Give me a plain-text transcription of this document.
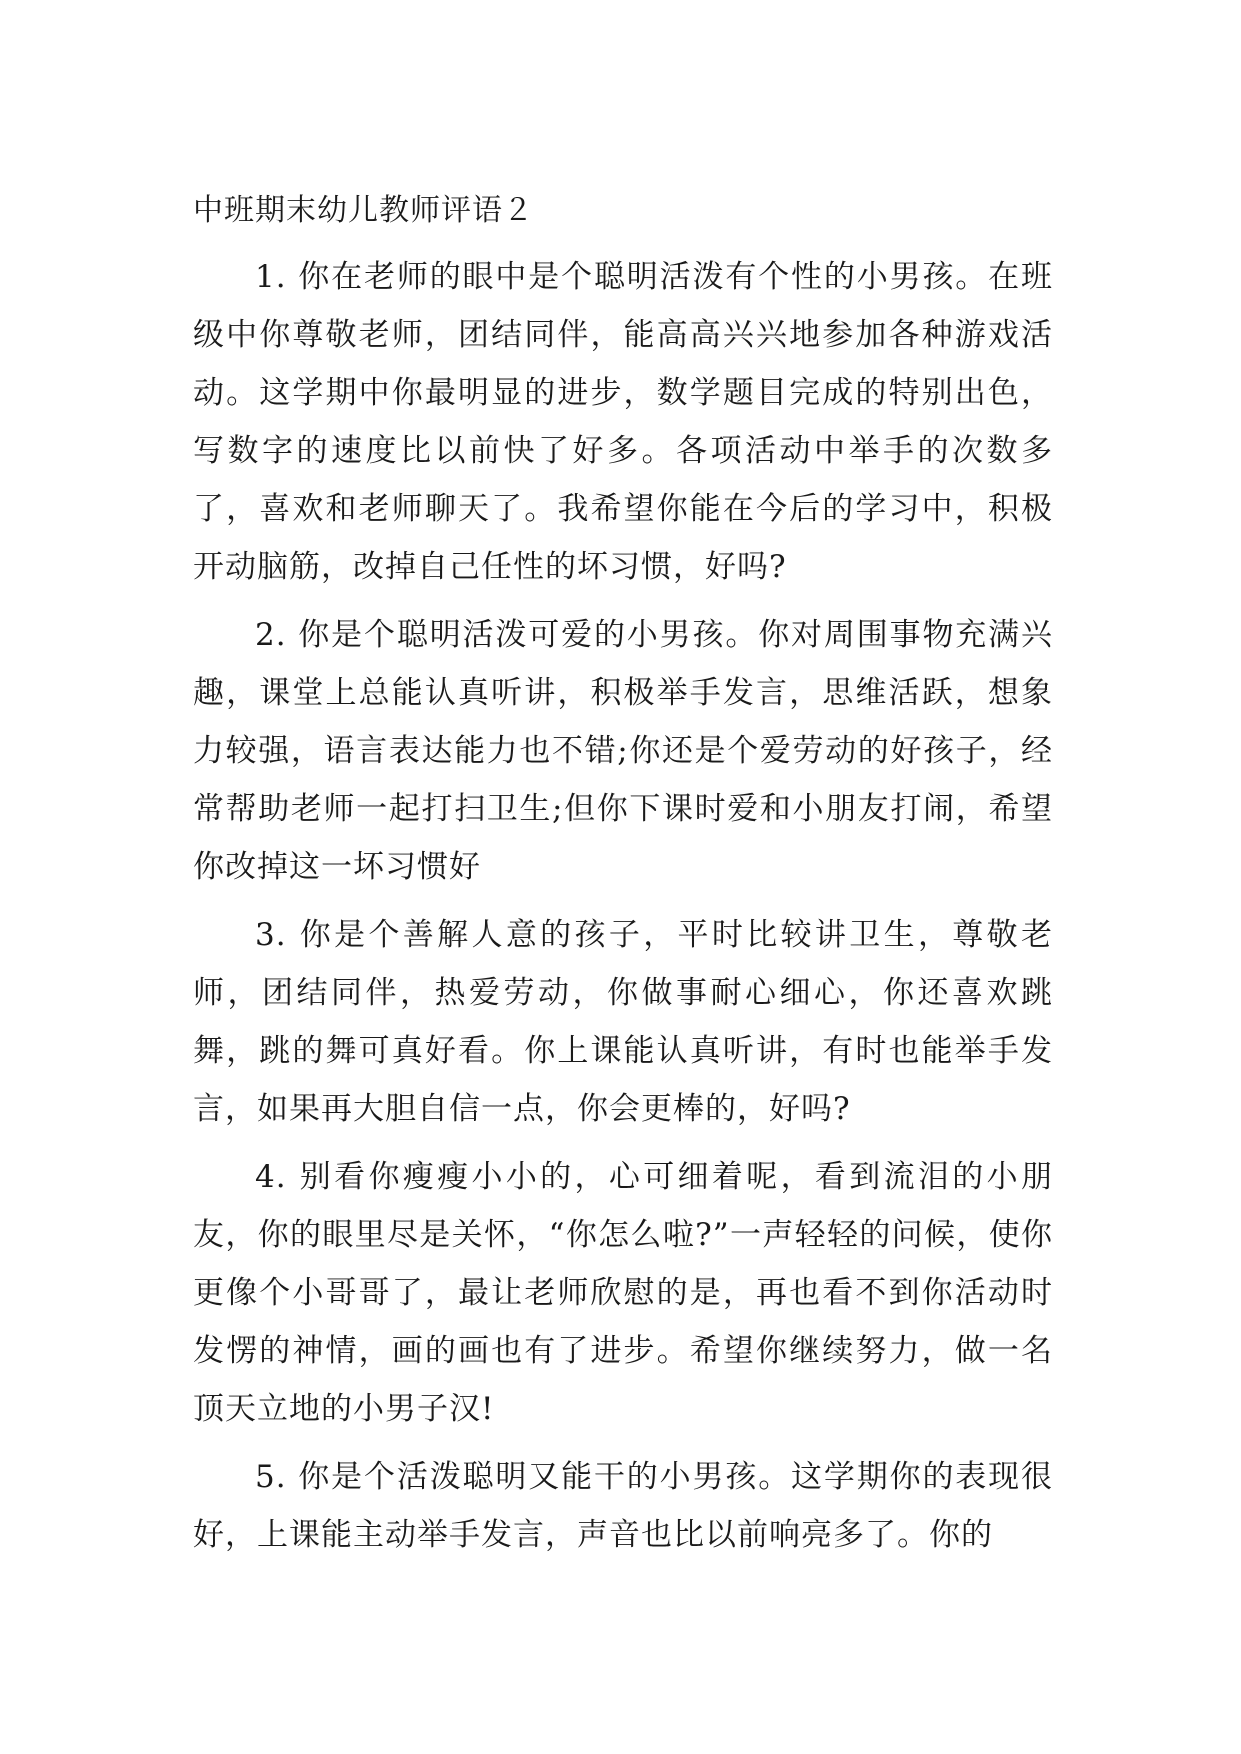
中班期末幼儿教师评语２

1. 你在老师的眼中是个聪明活泼有个性的小男孩。在班级中你尊敬老师，团结同伴，能高高兴兴地参加各种游戏活动。这学期中你最明显的进步，数学题目完成的特别出色，写数字的速度比以前快了好多。各项活动中举手的次数多了，喜欢和老师聊天了。我希望你能在今后的学习中，积极开动脑筋，改掉自己任性的坏习惯，好吗?

2. 你是个聪明活泼可爱的小男孩。你对周围事物充满兴趣，课堂上总能认真听讲，积极举手发言，思维活跃，想象力较强，语言表达能力也不错;你还是个爱劳动的好孩子，经常帮助老师一起打扫卫生;但你下课时爱和小朋友打闹，希望你改掉这一坏习惯好

3. 你是个善解人意的孩子，平时比较讲卫生，尊敬老师，团结同伴，热爱劳动，你做事耐心细心，你还喜欢跳舞，跳的舞可真好看。你上课能认真听讲，有时也能举手发言，如果再大胆自信一点，你会更棒的，好吗?

4. 别看你瘦瘦小小的，心可细着呢，看到流泪的小朋友，你的眼里尽是关怀，“你怎么啦?”一声轻轻的问候，使你更像个小哥哥了，最让老师欣慰的是，再也看不到你活动时发愣的神情，画的画也有了进步。希望你继续努力，做一名顶天立地的小男子汉!

5. 你是个活泼聪明又能干的小男孩。这学期你的表现很好，上课能主动举手发言，声音也比以前响亮多了。你的
